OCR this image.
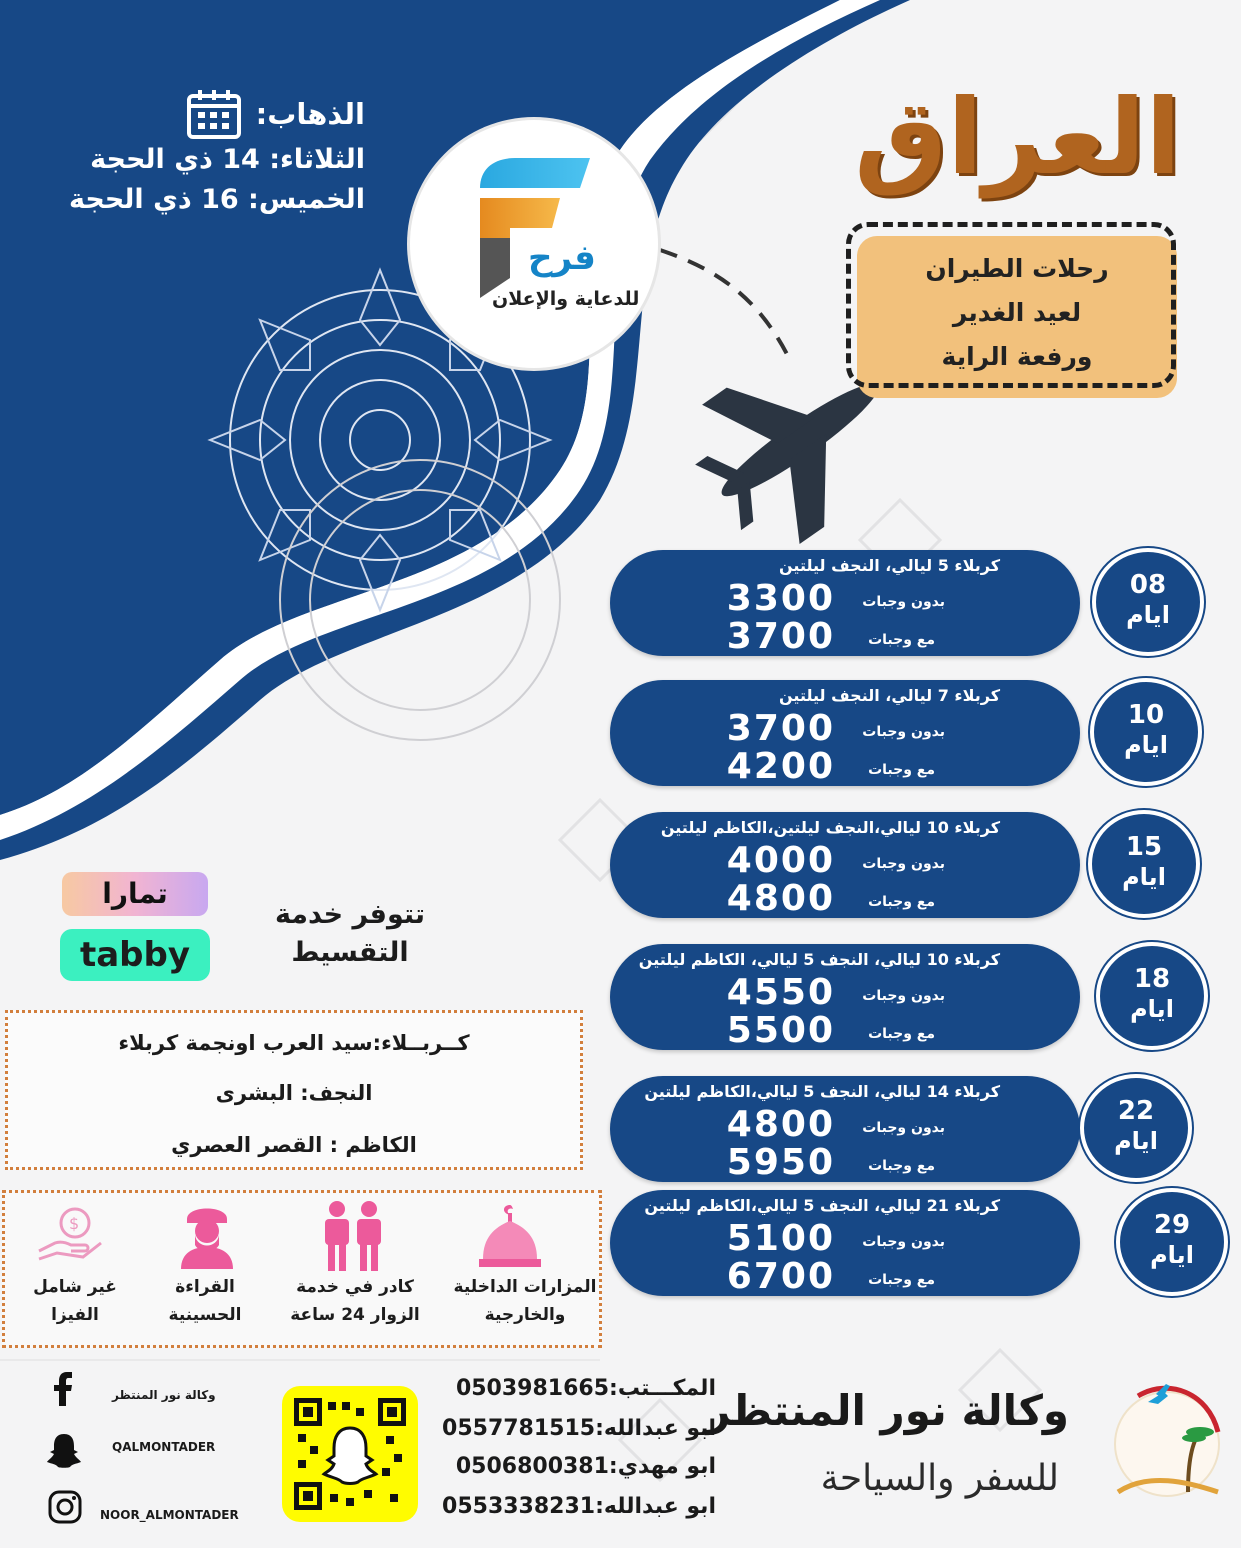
العراق
رحلات الطيران
لعيد الغدير
ورفعة الراية
الذهاب:
الثلاثاء: 14 ذي الحجة
الخميس: 16 ذي الحجة
فرح
للدعاية والإعلان
كربلاء 5 ليالي، النجف ليلتين
بدون وجبات
3300
مع وجبات
3700
08
ايام
كربلاء 7 ليالي، النجف ليلتين
بدون وجبات
3700
مع وجبات
4200
10
ايام
كربلاء 10 ليالي،النجف ليلتين،الكاظم ليلتين
بدون وجبات
4000
مع وجبات
4800
15
ايام
كربلاء 10 ليالي، النجف 5 ليالي، الكاظم ليلتين
بدون وجبات
4550
مع وجبات
5500
18
ايام
كربلاء 14 ليالي، النجف 5 ليالي،الكاظم ليلتين
بدون وجبات
4800
مع وجبات
5950
22
ايام
كربلاء 21 ليالي، النجف 5 ليالي،الكاظم ليلتين
بدون وجبات
5100
مع وجبات
6700
29
ايام
تتوفر خدمة
التقسيط
تمارا
tabby
كــربــلاء:سيد العرب اونجمة كربلاء
النجف: البشرى
الكاظم : القصر العصري
المزارات الداخلية
والخارجية
كادر في خدمة
الزوار 24 ساعة
القراءة
الحسينية
$
غير شامل
الفيزا
وكالة نور المنتظر
للسفر والسياحة
المكـــتب:0503981665
ابو عبدالله:0557781515
ابو مهدي:0506800381
ابو عبدالله:0553338231
وكالة نور المنتظر
QALMONTADER
NOOR_ALMONTADER
